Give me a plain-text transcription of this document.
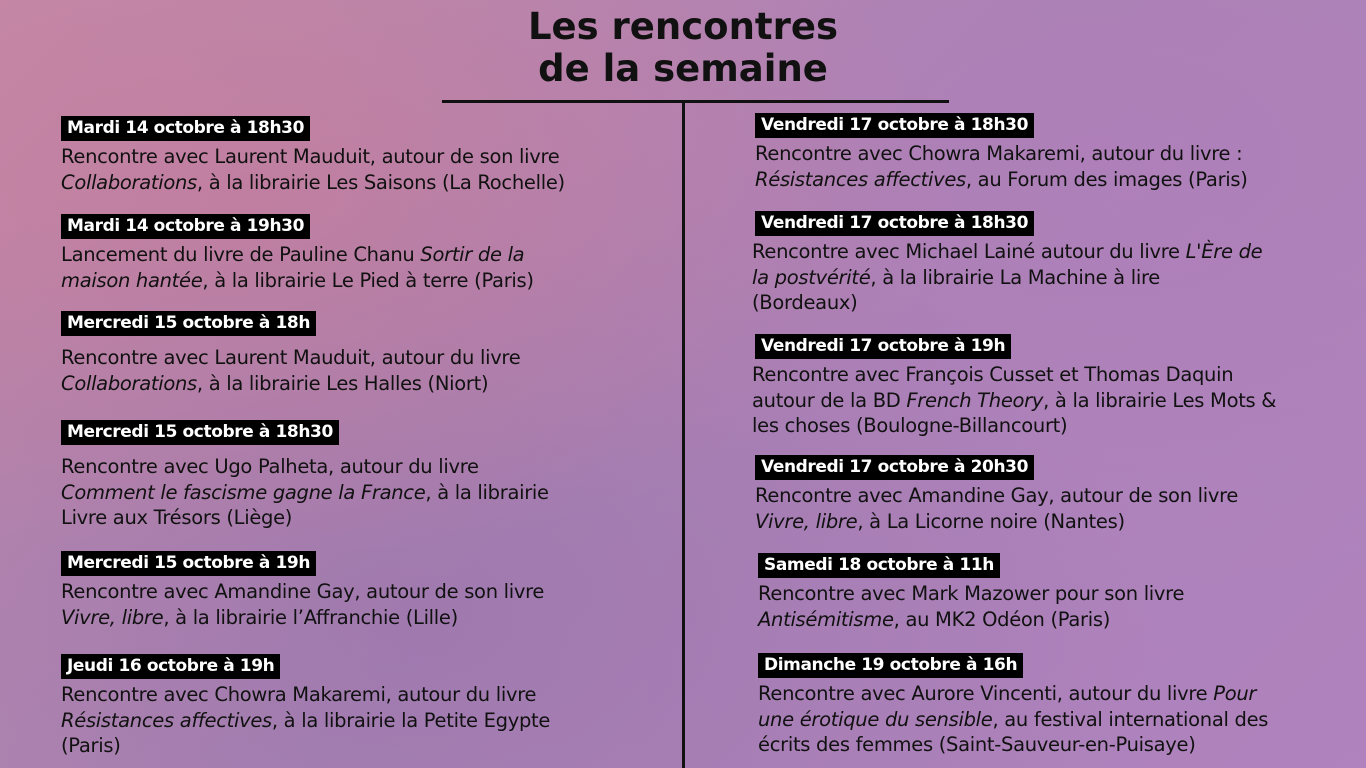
Les rencontres
de la semaine
Mardi 14 octobre à 18h30
Rencontre avec Laurent Mauduit, autour de son livre
Collaborations, à la librairie Les Saisons (La Rochelle)
Mardi 14 octobre à 19h30
Lancement du livre de Pauline Chanu Sortir de la
maison hantée, à la librairie Le Pied à terre (Paris)
Mercredi 15 octobre à 18h
Rencontre avec Laurent Mauduit, autour du livre
Collaborations, à la librairie Les Halles (Niort)
Mercredi 15 octobre à 18h30
Rencontre avec Ugo Palheta, autour du livre
Comment le fascisme gagne la France, à la librairie
Livre aux Trésors (Liège)
Mercredi 15 octobre à 19h
Rencontre avec Amandine Gay, autour de son livre
Vivre, libre, à la librairie l’Affranchie (Lille)
Jeudi 16 octobre à 19h
Rencontre avec Chowra Makaremi, autour du livre
Résistances affectives, à la librairie la Petite Egypte
(Paris)
Vendredi 17 octobre à 18h30
Rencontre avec Chowra Makaremi, autour du livre :
Résistances affectives, au Forum des images (Paris)
Vendredi 17 octobre à 18h30
Rencontre avec Michael Lainé autour du livre L'Ère de
la postvérité, à la librairie La Machine à lire
(Bordeaux)
Vendredi 17 octobre à 19h
Rencontre avec François Cusset et Thomas Daquin
autour de la BD French Theory, à la librairie Les Mots &
les choses (Boulogne-Billancourt)
Vendredi 17 octobre à 20h30
Rencontre avec Amandine Gay, autour de son livre
Vivre, libre, à La Licorne noire (Nantes)
Samedi 18 octobre à 11h
Rencontre avec Mark Mazower pour son livre
Antisémitisme, au MK2 Odéon (Paris)
Dimanche 19 octobre à 16h
Rencontre avec Aurore Vincenti, autour du livre Pour
une érotique du sensible, au festival international des
écrits des femmes (Saint-Sauveur-en-Puisaye)
